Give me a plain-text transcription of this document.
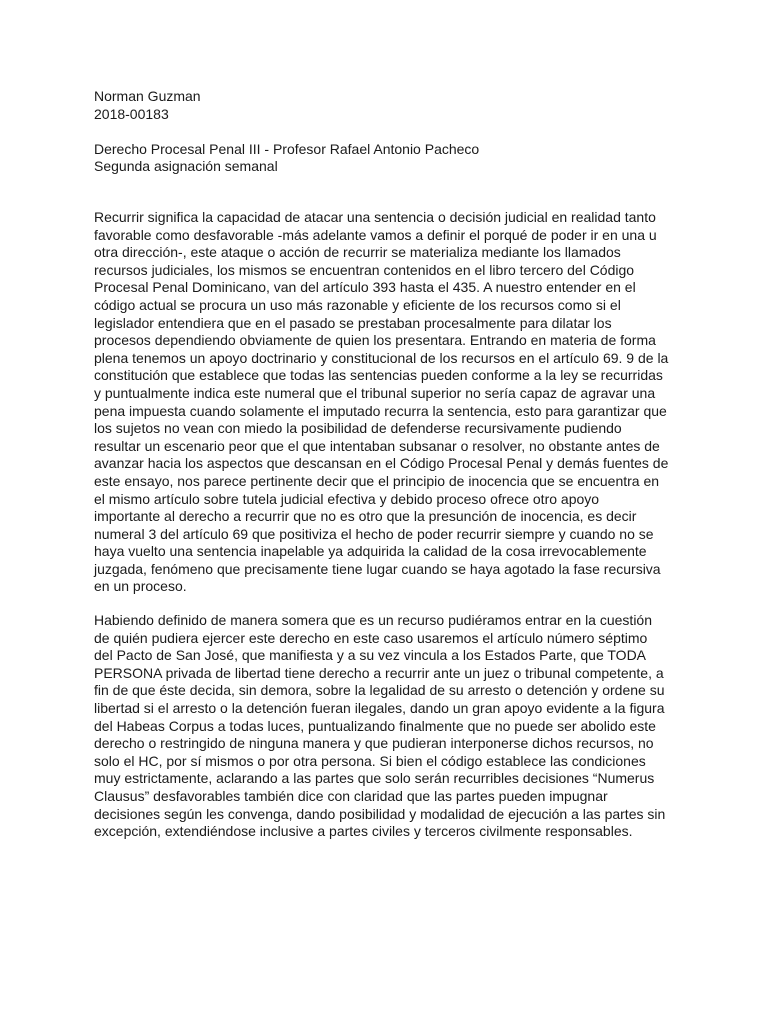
Norman Guzman
2018-00183
Derecho Procesal Penal III - Profesor Rafael Antonio Pacheco
Segunda asignación semanal
Recurrir significa la capacidad de atacar una sentencia o decisión judicial en realidad tanto
favorable como desfavorable -más adelante vamos a definir el porqué de poder ir en una u
otra dirección-, este ataque o acción de recurrir se materializa mediante los llamados
recursos judiciales, los mismos se encuentran contenidos en el libro tercero del Código
Procesal Penal Dominicano, van del artículo 393 hasta el 435. A nuestro entender en el
código actual se procura un uso más razonable y eficiente de los recursos como si el
legislador entendiera que en el pasado se prestaban procesalmente para dilatar los
procesos dependiendo obviamente de quien los presentara. Entrando en materia de forma
plena tenemos un apoyo doctrinario y constitucional de los recursos en el artículo 69. 9 de la
constitución que establece que todas las sentencias pueden conforme a la ley se recurridas
y puntualmente indica este numeral que el tribunal superior no sería capaz de agravar una
pena impuesta cuando solamente el imputado recurra la sentencia, esto para garantizar que
los sujetos no vean con miedo la posibilidad de defenderse recursivamente pudiendo
resultar un escenario peor que el que intentaban subsanar o resolver, no obstante antes de
avanzar hacia los aspectos que descansan en el Código Procesal Penal y demás fuentes de
este ensayo, nos parece pertinente decir que el principio de inocencia que se encuentra en
el mismo artículo sobre tutela judicial efectiva y debido proceso ofrece otro apoyo
importante al derecho a recurrir que no es otro que la presunción de inocencia, es decir
numeral 3 del artículo 69 que positiviza el hecho de poder recurrir siempre y cuando no se
haya vuelto una sentencia inapelable ya adquirida la calidad de la cosa irrevocablemente
juzgada, fenómeno que precisamente tiene lugar cuando se haya agotado la fase recursiva
en un proceso.
Habiendo definido de manera somera que es un recurso pudiéramos entrar en la cuestión
de quién pudiera ejercer este derecho en este caso usaremos el artículo número séptimo
del Pacto de San José, que manifiesta y a su vez vincula a los Estados Parte, que TODA
PERSONA privada de libertad tiene derecho a recurrir ante un juez o tribunal competente, a
fin de que éste decida, sin demora, sobre la legalidad de su arresto o detención y ordene su
libertad si el arresto o la detención fueran ilegales, dando un gran apoyo evidente a la figura
del Habeas Corpus a todas luces, puntualizando finalmente que no puede ser abolido este
derecho o restringido de ninguna manera y que pudieran interponerse dichos recursos, no
solo el HC, por sí mismos o por otra persona. Si bien el código establece las condiciones
muy estrictamente, aclarando a las partes que solo serán recurribles decisiones “Numerus
Clausus” desfavorables también dice con claridad que las partes pueden impugnar
decisiones según les convenga, dando posibilidad y modalidad de ejecución a las partes sin
excepción, extendiéndose inclusive a partes civiles y terceros civilmente responsables.
